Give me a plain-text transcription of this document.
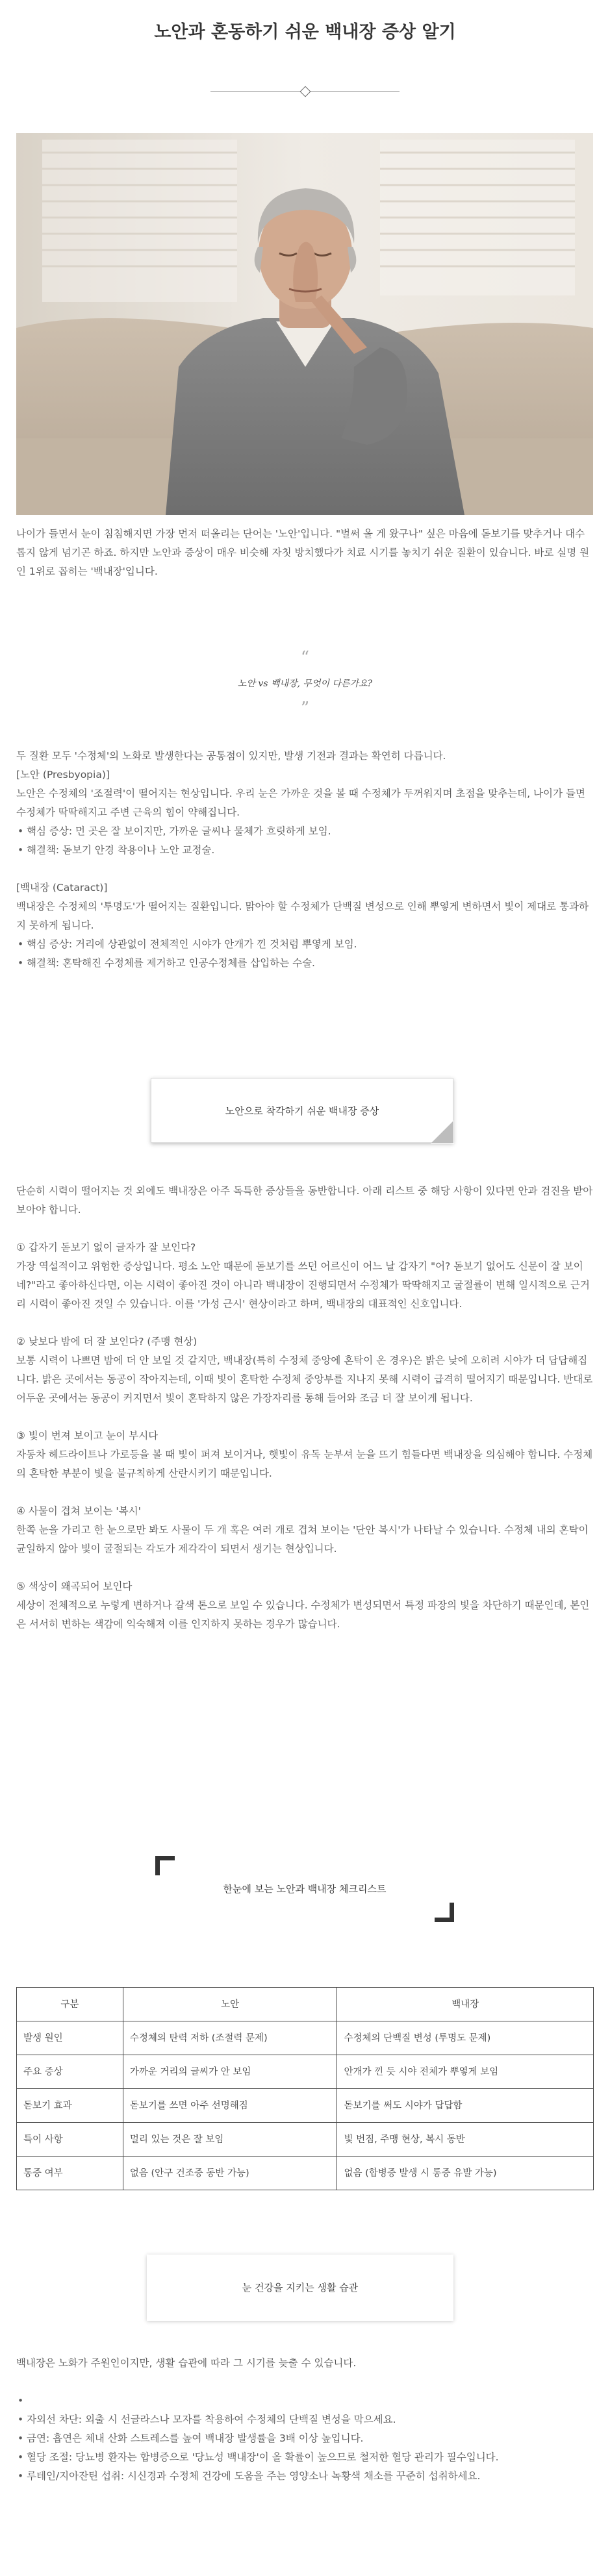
노안과 혼동하기 쉬운 백내장 증상 알기

나이가 들면서 눈이 침침해지면 가장 먼저 떠올리는 단어는 '노안'입니다. "벌써 올 게 왔구나" 싶은 마음에 돋보기를 맞추거나 대수롭지 않게 넘기곤 하죠. 하지만 노안과 증상이 매우 비슷해 자칫 방치했다가 치료 시기를 놓치기 쉬운 질환이 있습니다. 바로 실명 원인 1위로 꼽히는 '백내장'입니다.

“
노안 vs 백내장, 무엇이 다른가요?
”

두 질환 모두 '수정체'의 노화로 발생한다는 공통점이 있지만, 발생 기전과 결과는 확연히 다릅니다.

[노안 (Presbyopia)]

노안은 수정체의 '조절력'이 떨어지는 현상입니다. 우리 눈은 가까운 것을 볼 때 수정체가 두꺼워지며 초점을 맞추는데, 나이가 들면 수정체가 딱딱해지고 주변 근육의 힘이 약해집니다.

• 핵심 증상: 먼 곳은 잘 보이지만, 가까운 글씨나 물체가 흐릿하게 보임.
• 해결책: 돋보기 안경 착용이나 노안 교정술.

[백내장 (Cataract)]

백내장은 수정체의 '투명도'가 떨어지는 질환입니다. 맑아야 할 수정체가 단백질 변성으로 인해 뿌옇게 변하면서 빛이 제대로 통과하지 못하게 됩니다.

• 핵심 증상: 거리에 상관없이 전체적인 시야가 안개가 낀 것처럼 뿌옇게 보임.
• 해결책: 혼탁해진 수정체를 제거하고 인공수정체를 삽입하는 수술.
노안으로 착각하기 쉬운 백내장 증상

단순히 시력이 떨어지는 것 외에도 백내장은 아주 독특한 증상들을 동반합니다. 아래 리스트 중 해당 사항이 있다면 안과 검진을 받아보아야 합니다.

① 갑자기 돋보기 없이 글자가 잘 보인다?

가장 역설적이고 위험한 증상입니다. 평소 노안 때문에 돋보기를 쓰던 어르신이 어느 날 갑자기 "어? 돋보기 없어도 신문이 잘 보이네?"라고 좋아하신다면, 이는 시력이 좋아진 것이 아니라 백내장이 진행되면서 수정체가 딱딱해지고 굴절률이 변해 일시적으로 근거리 시력이 좋아진 것일 수 있습니다. 이를 '가성 근시' 현상이라고 하며, 백내장의 대표적인 신호입니다.

② 낮보다 밤에 더 잘 보인다? (주맹 현상)

보통 시력이 나쁘면 밤에 더 안 보일 것 같지만, 백내장(특히 수정체 중앙에 혼탁이 온 경우)은 밝은 낮에 오히려 시야가 더 답답해집니다. 밝은 곳에서는 동공이 작아지는데, 이때 빛이 혼탁한 수정체 중앙부를 지나지 못해 시력이 급격히 떨어지기 때문입니다. 반대로 어두운 곳에서는 동공이 커지면서 빛이 혼탁하지 않은 가장자리를 통해 들어와 조금 더 잘 보이게 됩니다.

③ 빛이 번져 보이고 눈이 부시다

자동차 헤드라이트나 가로등을 볼 때 빛이 퍼져 보이거나, 햇빛이 유독 눈부셔 눈을 뜨기 힘들다면 백내장을 의심해야 합니다. 수정체의 혼탁한 부분이 빛을 불규칙하게 산란시키기 때문입니다.

④ 사물이 겹쳐 보이는 '복시'

한쪽 눈을 가리고 한 눈으로만 봐도 사물이 두 개 혹은 여러 개로 겹쳐 보이는 '단안 복시'가 나타날 수 있습니다. 수정체 내의 혼탁이 균일하지 않아 빛이 굴절되는 각도가 제각각이 되면서 생기는 현상입니다.

⑤ 색상이 왜곡되어 보인다

세상이 전체적으로 누렇게 변하거나 갈색 톤으로 보일 수 있습니다. 수정체가 변성되면서 특정 파장의 빛을 차단하기 때문인데, 본인은 서서히 변하는 색감에 익숙해져 이를 인지하지 못하는 경우가 많습니다.

한눈에 보는 노안과 백내장 체크리스트
구분	노안	백내장
발생 원인	수정체의 탄력 저하 (조절력 문제)	수정체의 단백질 변성 (투명도 문제)
주요 증상	가까운 거리의 글씨가 안 보임	안개가 낀 듯 시야 전체가 뿌옇게 보임
돋보기 효과	돋보기를 쓰면 아주 선명해짐	돋보기를 써도 시야가 답답함
특이 사항	멀리 있는 것은 잘 보임	빛 번짐, 주맹 현상, 복시 동반
통증 여부	없음 (안구 건조증 동반 가능)	없음 (합병증 발생 시 통증 유발 가능)
눈 건강을 지키는 생활 습관

백내장은 노화가 주원인이지만, 생활 습관에 따라 그 시기를 늦출 수 있습니다.

•
• 자외선 차단: 외출 시 선글라스나 모자를 착용하여 수정체의 단백질 변성을 막으세요.
• 금연: 흡연은 체내 산화 스트레스를 높여 백내장 발생률을 3배 이상 높입니다.
• 혈당 조절: 당뇨병 환자는 합병증으로 '당뇨성 백내장'이 올 확률이 높으므로 철저한 혈당 관리가 필수입니다.
• 루테인/지아잔틴 섭취: 시신경과 수정체 건강에 도움을 주는 영양소나 녹황색 채소를 꾸준히 섭취하세요.
